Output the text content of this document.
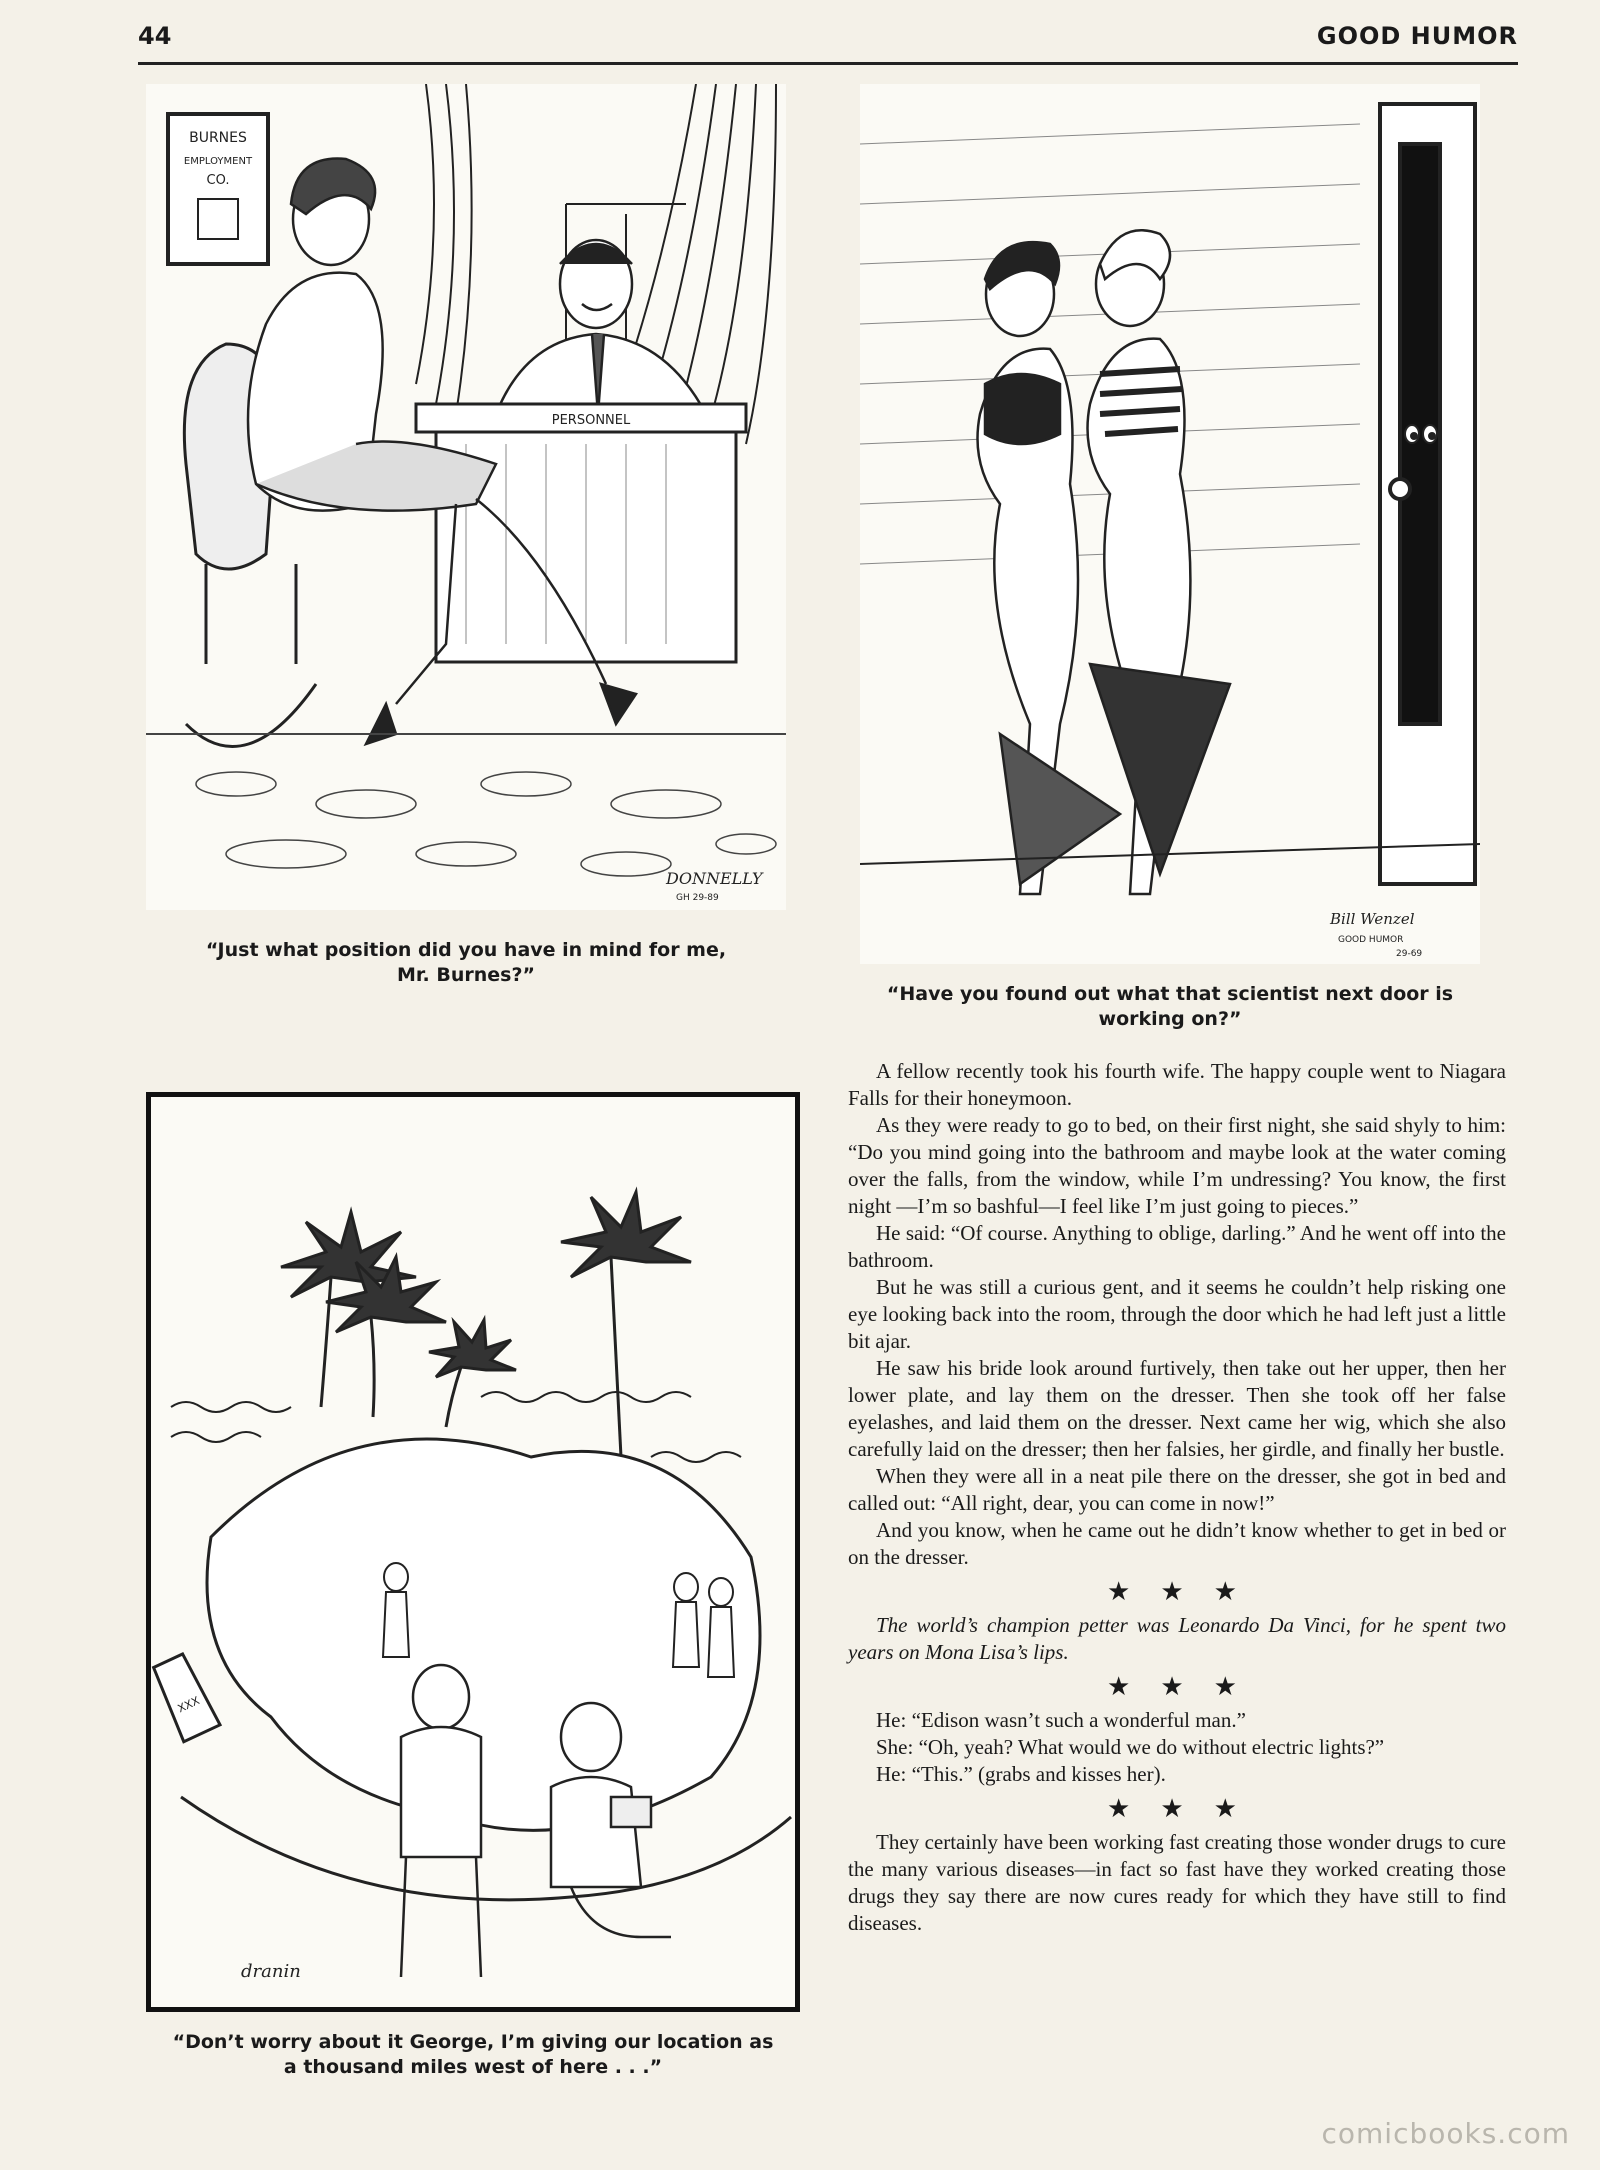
44	GOOD HUMOR
BURNES
EMPLOYMENT
CO.
PERSONNEL
DONNELLY
GH 29-89
“Just what position did you have in mind for me,
Mr. Burnes?”
Bill Wenzel
GOOD HUMOR
29-69
“Have you found out what that scientist next door is
working on?”
XXX
dranin
“Don’t worry about it George, I’m giving our location as
a thousand miles west of here . . .”

A fellow recently took his fourth wife. The happy couple went to Niagara Falls for their honeymoon.

As they were ready to go to bed, on their first night, she said shyly to him: “Do you mind going into the bathroom and maybe look at the water coming over the falls, from the window, while I’m undressing? You know, the first night —I’m so bashful—I feel like I’m just going to pieces.”

He said: “Of course. Anything to oblige, darling.” And he went off into the bathroom.

But he was still a curious gent, and it seems he couldn’t help risking one eye looking back into the room, through the door which he had left just a little bit ajar.

He saw his bride look around furtively, then take out her upper, then her lower plate, and lay them on the dresser. Then she took off her false eyelashes, and laid them on the dresser. Next came her wig, which she also carefully laid on the dresser; then her falsies, her girdle, and finally her bustle.

When they were all in a neat pile there on the dresser, she got in bed and called out: “All right, dear, you can come in now!”

And you know, when he came out he didn’t know whether to get in bed or on the dresser.

★★★

The world’s champion petter was Leonardo Da Vinci, for he spent two years on Mona Lisa’s lips.

★★★

He: “Edison wasn’t such a wonderful man.”

She: “Oh, yeah? What would we do without electric lights?”

He: “This.” (grabs and kisses her).

★★★

They certainly have been working fast creating those wonder drugs to cure the many various diseases—in fact so fast have they worked creating those drugs they say there are now cures ready for which they have still to find diseases.

comicbooks.com
